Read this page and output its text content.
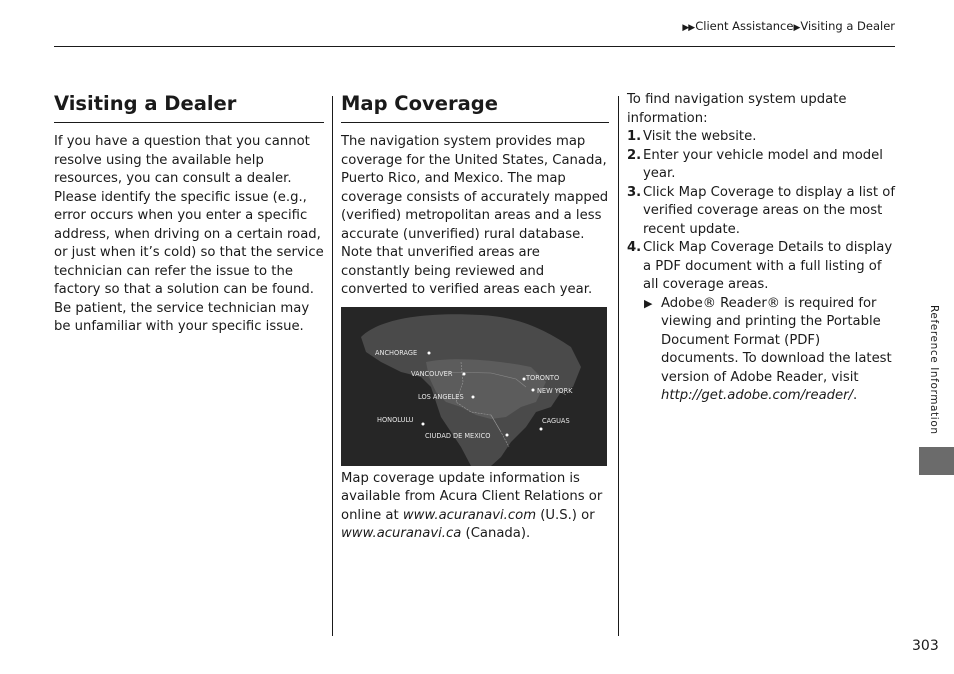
▶▶Client Assistance▶Visiting a Dealer
Visiting a Dealer

If you have a question that you cannot resolve using the available help resources, you can consult a dealer. Please identify the specific issue (e.g., error occurs when you enter a specific address, when driving on a certain road, or just when it’s cold) so that the service technician can refer the issue to the factory so that a solution can be found. Be patient, the service technician may be unfamiliar with your specific issue.

Map Coverage

The navigation system provides map coverage for the United States, Canada, Puerto Rico, and Mexico. The map coverage consists of accurately mapped (verified) metropolitan areas and a less accurate (unverified) rural database. Note that unverified areas are constantly being reviewed and converted to verified areas each year.

ANCHORAGE
VANCOUVER	TORONTO
NEW YORK
LOS ANGELES
HONOLULU
CIUDAD DE MEXICO
CAGUAS

Map coverage update information is available from Acura Client Relations or online at www.acuranavi.com (U.S.) or www.acuranavi.ca (Canada).

To find navigation system update information:

1. Visit the website.
2. Enter your vehicle model and model year.
3. Click Map Coverage to display a list of verified coverage areas on the most recent update.
4. Click Map Coverage Details to display a PDF document with a full listing of all coverage areas.
▶ Adobe® Reader® is required for viewing and printing the Portable Document Format (PDF) documents. To download the latest version of Adobe Reader, visit http://get.adobe.com/reader/.	Reference Information
303
